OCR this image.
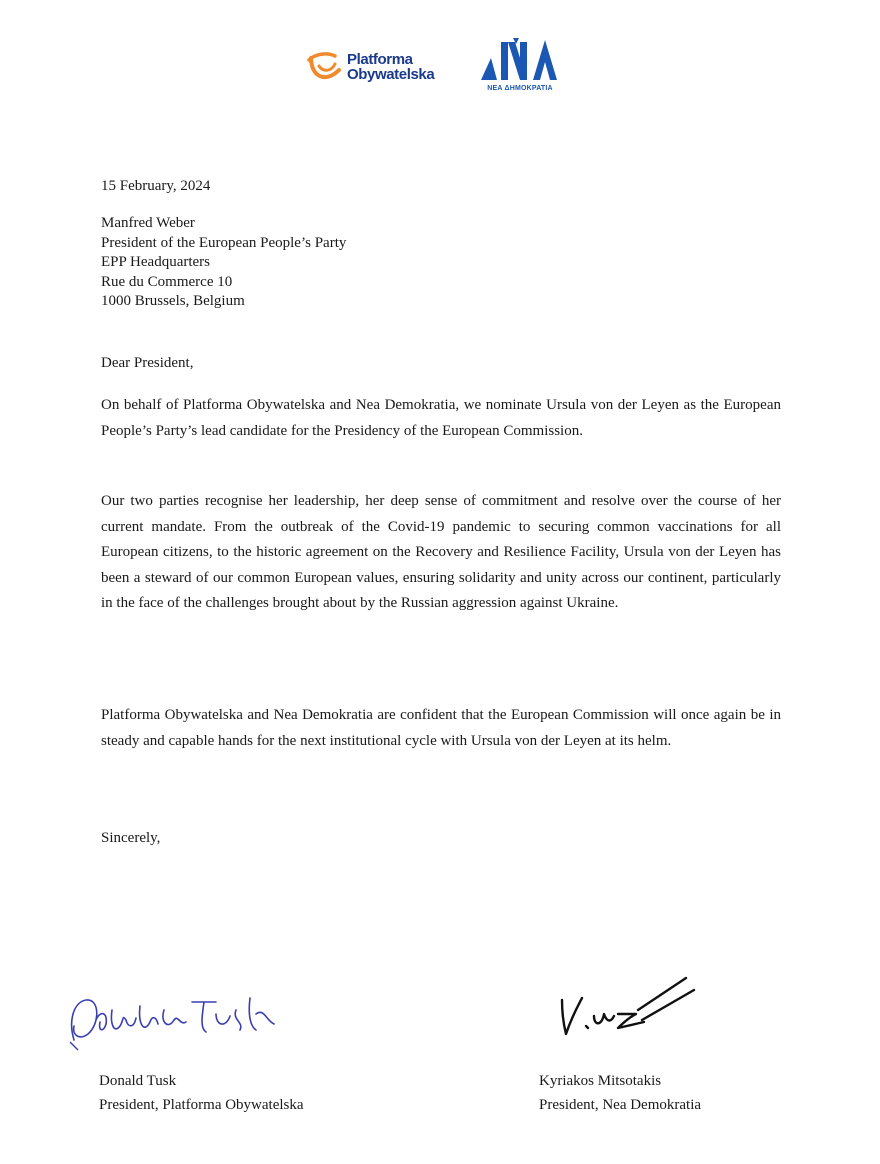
Platforma
Obywatelska
ΝΕΑ ΔΗΜΟΚΡΑΤΙΑ
15 February, 2024
Manfred Weber
President of the European People’s Party
EPP Headquarters
Rue du Commerce 10
1000 Brussels, Belgium
Dear President,
On behalf of Platforma Obywatelska and Nea Demokratia, we nominate Ursula von der Leyen as the European People’s Party’s lead candidate for the Presidency of the European Commission.
Our two parties recognise her leadership, her deep sense of commitment and resolve over the course of her current mandate. From the outbreak of the Covid-19 pandemic to securing common vaccinations for all European citizens, to the historic agreement on the Recovery and Resilience Facility, Ursula von der Leyen has been a steward of our common European values, ensuring solidarity and unity across our continent, particularly in the face of the challenges brought about by the Russian aggression against Ukraine.
Platforma Obywatelska and Nea Demokratia are confident that the European Commission will once again be in steady and capable hands for the next institutional cycle with Ursula von der Leyen at its helm.
Sincerely,
Donald Tusk
President, Platforma Obywatelska
Kyriakos Mitsotakis
President, Nea Demokratia
